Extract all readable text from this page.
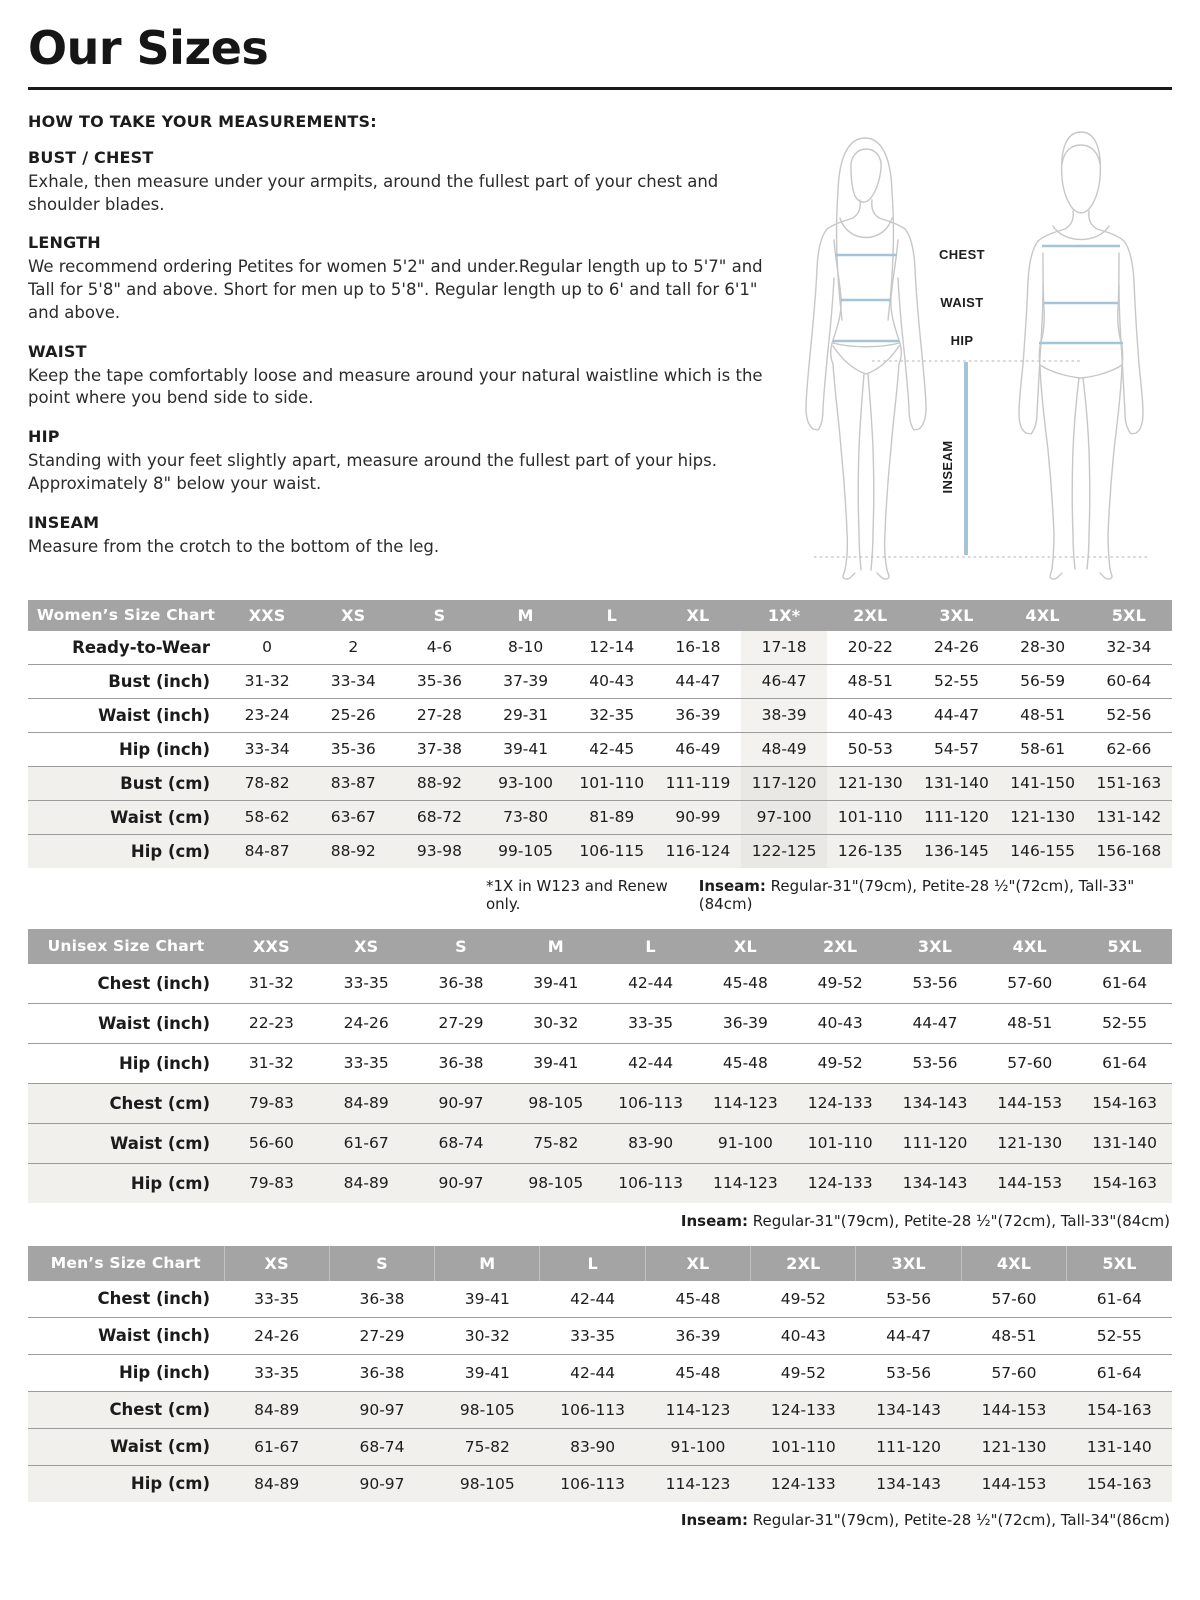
Our Sizes
HOW TO TAKE YOUR MEASUREMENTS:
BUST / CHEST

Exhale, then measure under your armpits, around the fullest part of your chest and shoulder blades.

LENGTH

We recommend ordering Petites for women 5'2" and under.Regular length up to 5'7" and Tall for 5'8" and above. Short for men up to 5'8". Regular length up to 6' and tall for 6'1" and above.

WAIST

Keep the tape comfortably loose and measure around your natural waistline which is the point where you bend side to side.

HIP

Standing with your feet slightly apart, measure around the fullest part of your hips. Approximately 8" below your waist.

INSEAM

Measure from the crotch to the bottom of the leg.

CHEST
WAIST
HIP
INSEAM
Women’s Size Chart	XXS	XS	S	M	L	XL	1X*	2XL	3XL	4XL	5XL
Ready-to-Wear	0	2	4-6	8-10	12-14	16-18	17-18	20-22	24-26	28-30	32-34
Bust (inch)	31-32	33-34	35-36	37-39	40-43	44-47	46-47	48-51	52-55	56-59	60-64
Waist (inch)	23-24	25-26	27-28	29-31	32-35	36-39	38-39	40-43	44-47	48-51	52-56
Hip (inch)	33-34	35-36	37-38	39-41	42-45	46-49	48-49	50-53	54-57	58-61	62-66
Bust (cm)	78-82	83-87	88-92	93-100	101-110	111-119	117-120	121-130	131-140	141-150	151-163
Waist (cm)	58-62	63-67	68-72	73-80	81-89	90-99	97-100	101-110	111-120	121-130	131-142
Hip (cm)	84-87	88-92	93-98	99-105	106-115	116-124	122-125	126-135	136-145	146-155	156-168
*1X in W123 and Renew only.
Inseam: Regular-31"(79cm), Petite-28 ½"(72cm), Tall-33"(84cm)
Unisex Size Chart	XXS	XS	S	M	L	XL	2XL	3XL	4XL	5XL
Chest (inch)	31-32	33-35	36-38	39-41	42-44	45-48	49-52	53-56	57-60	61-64
Waist (inch)	22-23	24-26	27-29	30-32	33-35	36-39	40-43	44-47	48-51	52-55
Hip (inch)	31-32	33-35	36-38	39-41	42-44	45-48	49-52	53-56	57-60	61-64
Chest (cm)	79-83	84-89	90-97	98-105	106-113	114-123	124-133	134-143	144-153	154-163
Waist (cm)	56-60	61-67	68-74	75-82	83-90	91-100	101-110	111-120	121-130	131-140
Hip (cm)	79-83	84-89	90-97	98-105	106-113	114-123	124-133	134-143	144-153	154-163
Inseam: Regular-31"(79cm), Petite-28 ½"(72cm), Tall-33"(84cm)
Men’s Size Chart	XS	S	M	L	XL	2XL	3XL	4XL	5XL
Chest (inch)	33-35	36-38	39-41	42-44	45-48	49-52	53-56	57-60	61-64
Waist (inch)	24-26	27-29	30-32	33-35	36-39	40-43	44-47	48-51	52-55
Hip (inch)	33-35	36-38	39-41	42-44	45-48	49-52	53-56	57-60	61-64
Chest (cm)	84-89	90-97	98-105	106-113	114-123	124-133	134-143	144-153	154-163
Waist (cm)	61-67	68-74	75-82	83-90	91-100	101-110	111-120	121-130	131-140
Hip (cm)	84-89	90-97	98-105	106-113	114-123	124-133	134-143	144-153	154-163
Inseam: Regular-31"(79cm), Petite-28 ½"(72cm), Tall-34"(86cm)
